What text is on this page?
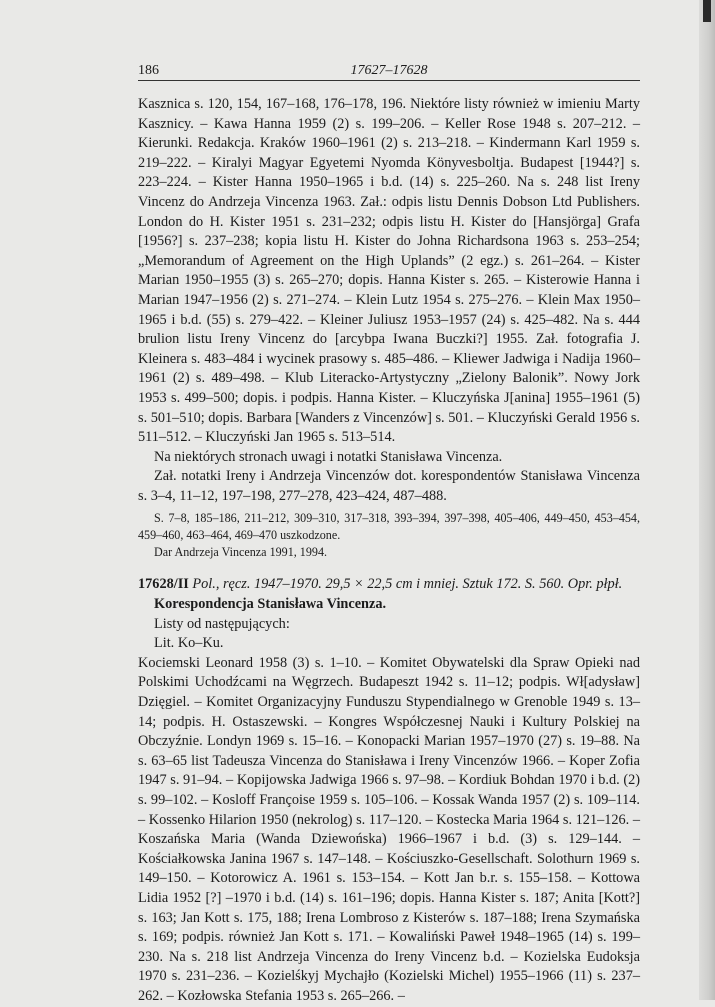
186	17627–17628

Kasznica s. 120, 154, 167–168, 176–178, 196. Niektóre listy również w imieniu Marty Kasznicy. – Kawa Hanna 1959 (2) s. 199–206. – Keller Rose 1948 s. 207–212. – Kierunki. Redakcja. Kraków 1960–1961 (2) s. 213–218. – Kindermann Karl 1959 s. 219–222. – Kiralyi Magyar Egyetemi Nyomda Könyvesboltja. Budapest [1944?] s. 223–224. – Kister Hanna 1950–1965 i b.d. (14) s. 225–260. Na s. 248 list Ireny Vincenz do Andrzeja Vincenza 1963. Zał.: odpis listu Dennis Dobson Ltd Publishers. London do H. Kister 1951 s. 231–232; odpis listu H. Kister do [Hansjörga] Grafa [1956?] s. 237–238; kopia listu H. Kister do Johna Richardsona 1963 s. 253–254; „Memorandum of Agreement on the High Uplands” (2 egz.) s. 261–264. – Kister Marian 1950–1955 (3) s. 265–270; dopis. Hanna Kister s. 265. – Kisterowie Hanna i Marian 1947–1956 (2) s. 271–274. – Klein Lutz 1954 s. 275–276. – Klein Max 1950–1965 i b.d. (55) s. 279–422. – Kleiner Juliusz 1953–1957 (24) s. 425–482. Na s. 444 brulion listu Ireny Vincenz do [arcybpa Iwana Buczki?] 1955. Zał. fotografia J. Kleinera s. 483–484 i wycinek prasowy s. 485–486. – Kliewer Jadwiga i Nadija 1960–1961 (2) s. 489–498. – Klub Literacko-Artystyczny „Zielony Balonik”. Nowy Jork 1953 s. 499–500; dopis. i podpis. Hanna Kister. – Kluczyńska J[anina] 1955–1961 (5) s. 501–510; dopis. Barbara [Wanders z Vincenzów] s. 501. – Kluczyński Gerald 1956 s. 511–512. – Kluczyński Jan 1965 s. 513–514.

Na niektórych stronach uwagi i notatki Stanisława Vincenza.

Zał. notatki Ireny i Andrzeja Vincenzów dot. korespondentów Stanisława Vincenza s. 3–4, 11–12, 197–198, 277–278, 423–424, 487–488.

S. 7–8, 185–186, 211–212, 309–310, 317–318, 393–394, 397–398, 405–406, 449–450, 453–454, 459–460, 463–464, 469–470 uszkodzone.

Dar Andrzeja Vincenza 1991, 1994.

17628/II Pol., ręcz. 1947–1970. 29,5 × 22,5 cm i mniej. Sztuk 172. S. 560. Opr. płpł.

Korespondencja Stanisława Vincenza.

Listy od następujących:

Lit. Ko–Ku.

Kociemski Leonard 1958 (3) s. 1–10. – Komitet Obywatelski dla Spraw Opieki nad Polskimi Uchodźcami na Węgrzech. Budapeszt 1942 s. 11–12; podpis. Wł[adysław] Dzięgiel. – Komitet Organizacyjny Funduszu Stypendialnego w Grenoble 1949 s. 13–14; podpis. H. Ostaszewski. – Kongres Współczesnej Nauki i Kultury Polskiej na Obczyźnie. Londyn 1969 s. 15–16. – Konopacki Marian 1957–1970 (27) s. 19–88. Na s. 63–65 list Tadeusza Vincenza do Stanisława i Ireny Vincenzów 1966. – Koper Zofia 1947 s. 91–94. – Kopijowska Jadwiga 1966 s. 97–98. – Kordiuk Bohdan 1970 i b.d. (2) s. 99–102. – Kosloff Françoise 1959 s. 105–106. – Kossak Wanda 1957 (2) s. 109–114. – Kossenko Hilarion 1950 (nekrolog) s. 117–120. – Kostecka Maria 1964 s. 121–126. – Koszańska Maria (Wanda Dziewońska) 1966–1967 i b.d. (3) s. 129–144. – Kościałkowska Janina 1967 s. 147–148. – Kościuszko-Gesellschaft. Solothurn 1969 s. 149–150. – Kotorowicz A. 1961 s. 153–154. – Kott Jan b.r. s. 155–158. – Kottowa Lidia 1952 [?] –1970 i b.d. (14) s. 161–196; dopis. Hanna Kister s. 187; Anita [Kott?] s. 163; Jan Kott s. 175, 188; Irena Lombroso z Kisterów s. 187–188; Irena Szymańska s. 169; podpis. również Jan Kott s. 171. – Kowaliński Paweł 1948–1965 (14) s. 199–230. Na s. 218 list Andrzeja Vincenza do Ireny Vincenz b.d. – Kozielska Eudoksja 1970 s. 231–236. – Kozielśkyj Mychajło (Kozielski Michel) 1955–1966 (11) s. 237–262. – Kozłowska Stefania 1953 s. 265–266. –
